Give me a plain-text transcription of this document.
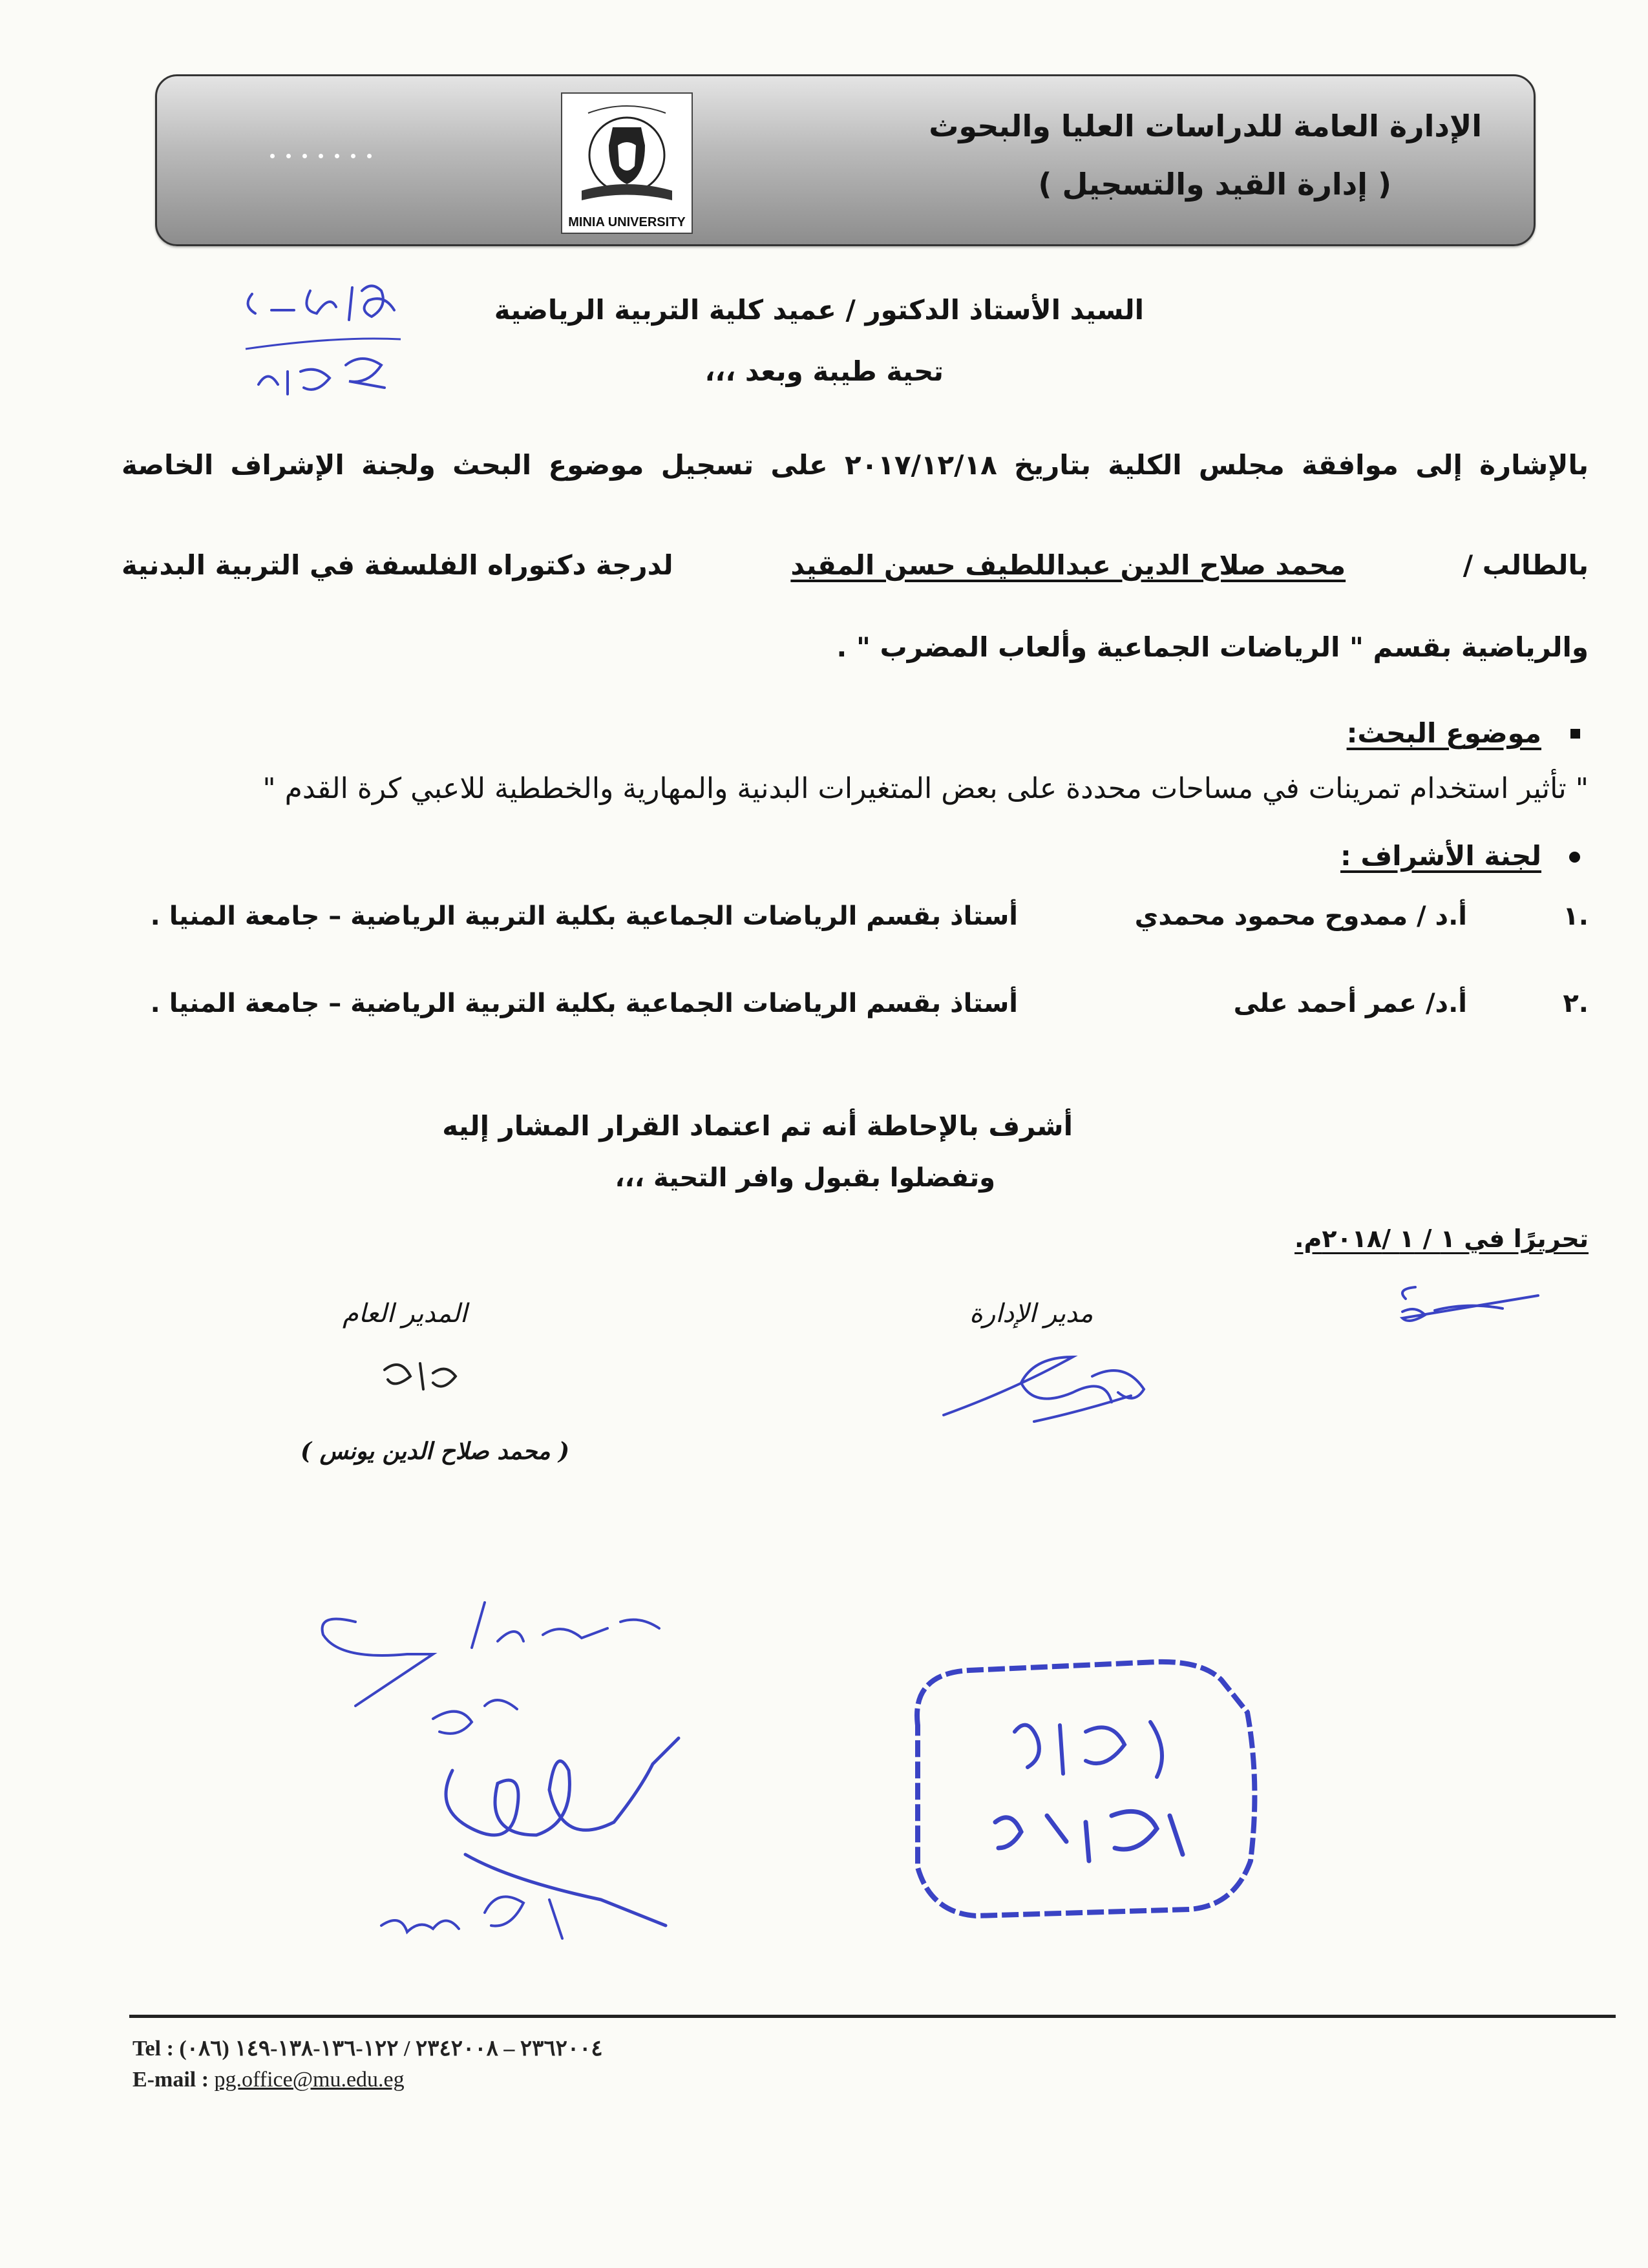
MINIA UNIVERSITY
الإدارة العامة للدراسات العليا والبحوث
( إدارة القيد والتسجيل )
السيد الأستاذ الدكتور / عميد كلية التربية الرياضية
تحية طيبة وبعد ،،،
بالإشارة إلى موافقة مجلس الكلية بتاريخ ٢٠١٧/١٢/١٨ على تسجيل موضوع البحث ولجنة الإشراف الخاصة
بالطالب /
محمد صلاح الدين عبداللطيف حسن المقيد
لدرجة دكتوراه الفلسفة في التربية البدنية
والرياضية بقسم " الرياضات الجماعية وألعاب المضرب " .
موضوع البحث:
" تأثير استخدام تمرينات في مساحات محددة على بعض المتغيرات البدنية والمهارية والخططية للاعبي كرة القدم "
لجنة الأشراف :
.١
أ.د / ممدوح محمود محمدي
أستاذ بقسم الرياضات الجماعية بكلية التربية الرياضية – جامعة المنيا .
.٢
أ.د/ عمر أحمد على
أستاذ بقسم الرياضات الجماعية بكلية التربية الرياضية – جامعة المنيا .
أشرف بالإحاطة أنه تم اعتماد القرار المشار إليه
وتفضلوا بقبول وافر التحية ،،،
تحريرًا في ١ / ١ /٢٠١٨م.
مدير الإدارة
المدير العام
( محمد صلاح الدين يونس )
Tel : (٠٨٦) ٢٣٦٢٠٠٤ – ٢٣٤٢٠٠٨ / ١٢٢-١٣٦-١٣٨-١٤٩
E-mail : pg.office@mu.edu.eg
